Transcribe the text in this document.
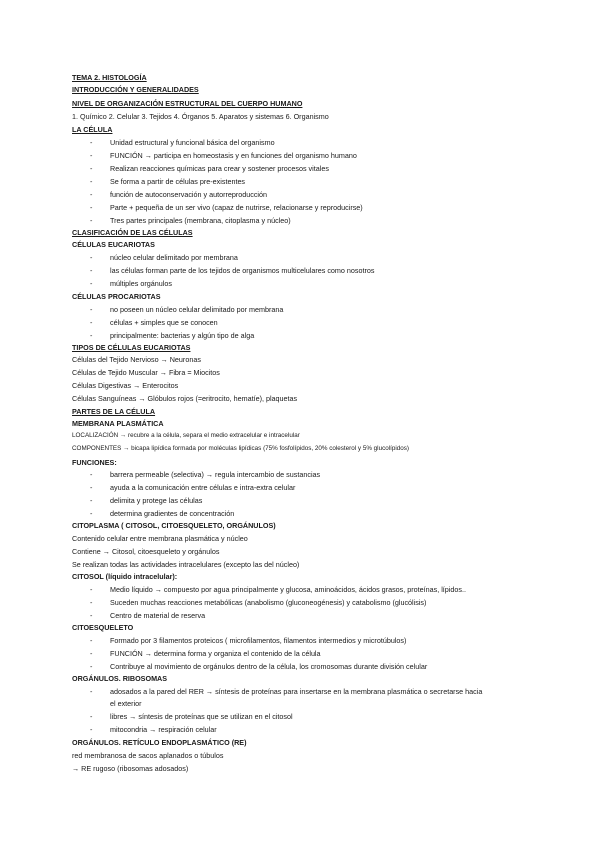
TEMA 2. HISTOLOGÍA
INTRODUCCIÓN Y GENERALIDADES
NIVEL DE ORGANIZACIÓN ESTRUCTURAL DEL CUERPO HUMANO
1. Químico 2. Celular 3. Tejidos 4. Órganos 5. Aparatos y sistemas 6. Organismo
LA CÉLULA
- Unidad estructural y funcional básica del organismo
- FUNCIÓN → participa en homeostasis y en funciones del organismo humano
- Realizan reacciones químicas para crear y sostener procesos vitales
- Se forma a partir de células pre-existentes
- función de autoconservación y autorreproducción
- Parte + pequeña de un ser vivo (capaz de nutrirse, relacionarse y reproducirse)
- Tres partes principales (membrana, citoplasma y núcleo)
CLASIFICACIÓN DE LAS CÉLULAS
CÉLULAS EUCARIOTAS
- núcleo celular delimitado por membrana
- las células forman parte de los tejidos de organismos multicelulares como nosotros
- múltiples orgánulos
CÉLULAS PROCARIOTAS
- no poseen un núcleo celular delimitado por membrana
- células + simples que se conocen
- principalmente: bacterias y algún tipo de alga
TIPOS DE CÉLULAS EUCARIOTAS
Células del Tejido Nervioso → Neuronas
Células de Tejido Muscular → Fibra = Miocitos
Células Digestivas → Enterocitos
Células Sanguíneas → Glóbulos rojos (=eritrocito, hematíe), plaquetas
PARTES DE LA CÉLULA
MEMBRANA PLASMÁTICA
LOCALIZACIÓN → recubre a la célula, separa el medio extracelular e intracelular
COMPONENTES → bicapa lipídica formada por moléculas lipídicas (75% fosfolípidos, 20% colesterol y 5% glucolípidos)
FUNCIONES:
- barrera permeable (selectiva) → regula intercambio de sustancias
- ayuda a la comunicación entre células e intra-extra celular
- delimita y protege las células
- determina gradientes de concentración
CITOPLASMA ( CITOSOL, CITOESQUELETO, ORGÁNULOS)
Contenido celular entre membrana plasmática y núcleo
Contiene → Citosol, citoesqueleto y orgánulos
Se realizan todas las actividades intracelulares (excepto las del núcleo)
CITOSOL (líquido intracelular):
- Medio líquido → compuesto por agua principalmente y glucosa, aminoácidos, ácidos grasos, proteínas, lípidos..
- Suceden muchas reacciones metabólicas (anabolismo (gluconeogénesis) y catabolismo (glucólisis)
- Centro de material de reserva
CITOESQUELETO
- Formado por 3 filamentos proteicos ( microfilamentos, filamentos intermedios y microtúbulos)
- FUNCIÓN → determina forma y organiza el contenido de la célula
- Contribuye al movimiento de orgánulos dentro de la célula, los cromosomas durante división celular
ORGÁNULOS. RIBOSOMAS
- adosados a la pared del RER → síntesis de proteínas para insertarse en la membrana plasmática o secretarse hacia
el exterior
- libres → síntesis de proteínas que se utilizan en el citosol
- mitocondria → respiración celular
ORGÁNULOS. RETÍCULO ENDOPLASMÁTICO (RE)
red membranosa de sacos aplanados o túbulos
→ RE rugoso (ribosomas adosados)
